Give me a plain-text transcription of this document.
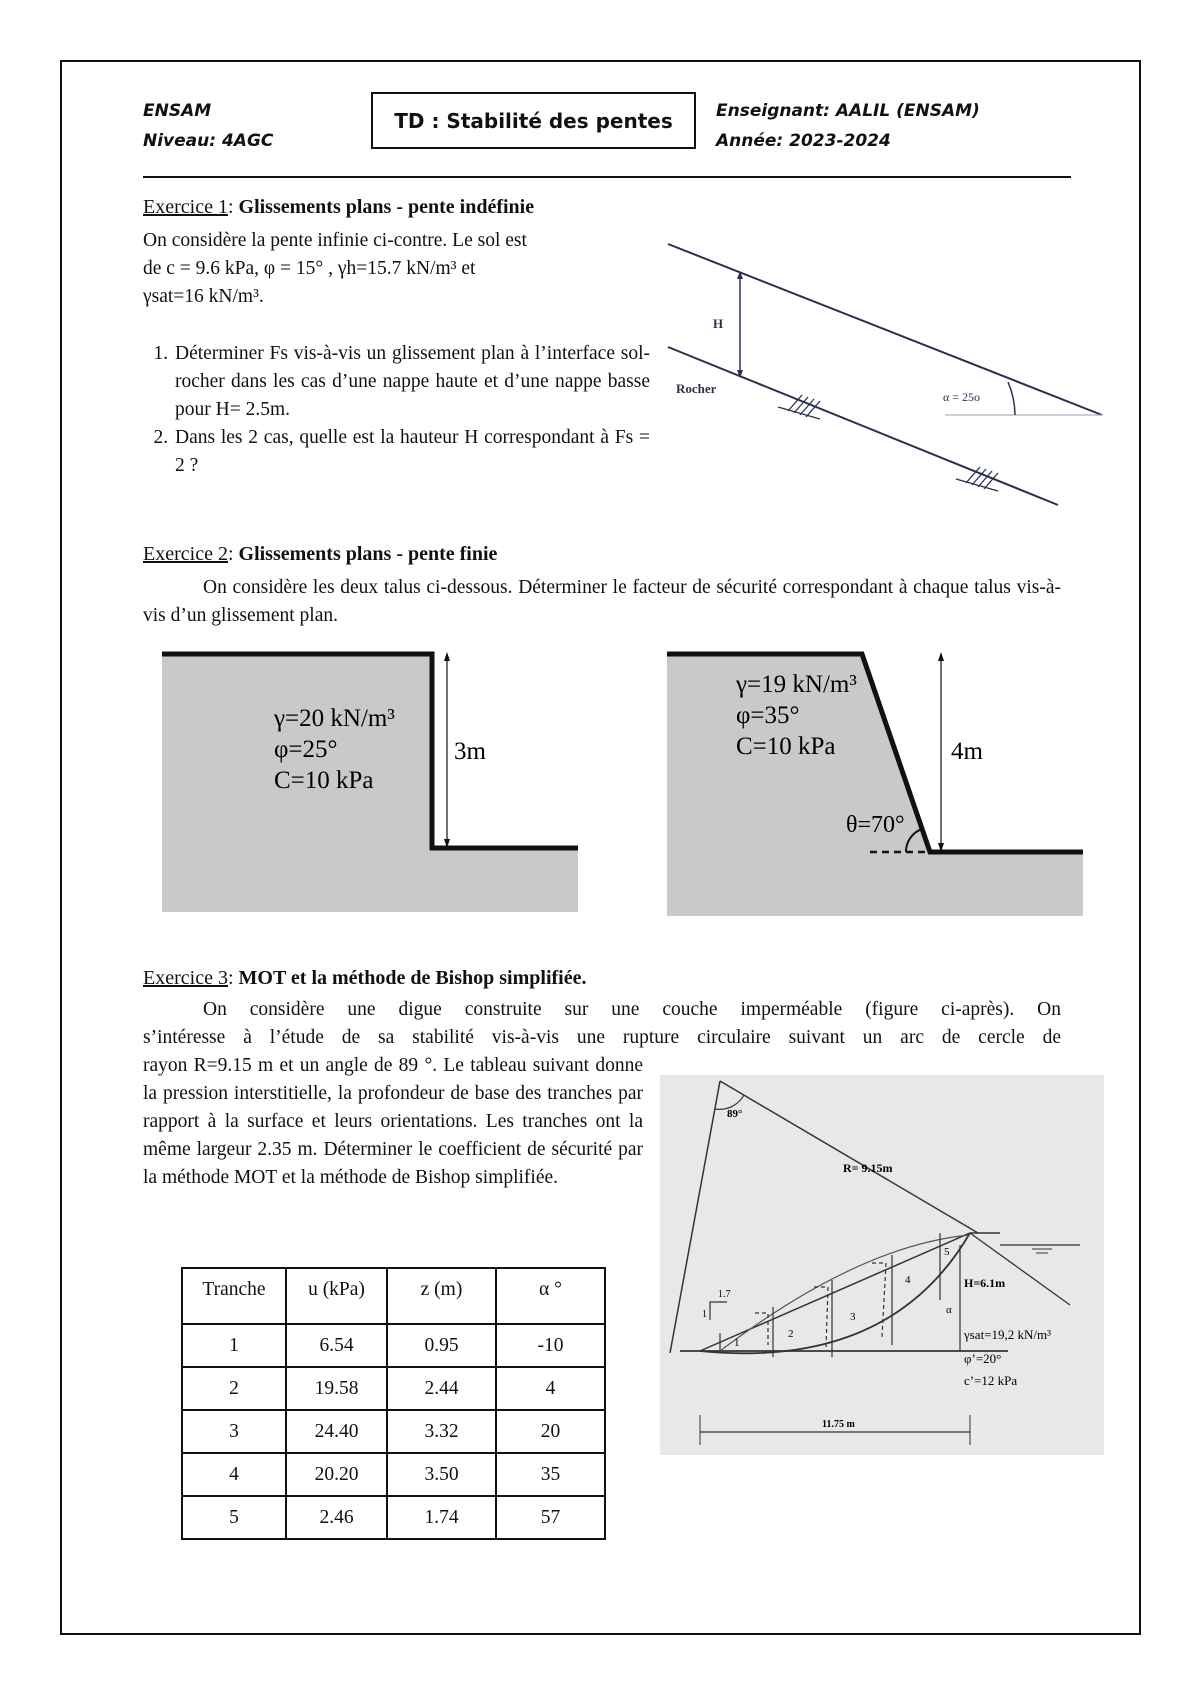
ENSAM
Niveau: 4AGC
TD : Stabilité des pentes	Enseignant: AALIL (ENSAM)
Année: 2023-2024
Exercice 1: Glissements plans - pente indéfinie
On considère la pente infinie ci-contre. Le sol est
de c = 9.6 kPa, φ = 15° , γh=15.7 kN/m³ et
γsat=16 kN/m³.
1. Déterminer Fs vis-à-vis un glissement plan à l’interface sol-rocher dans les cas d’une nappe haute et d’une nappe basse pour H= 2.5m.
2. Dans les 2 cas, quelle est la hauteur H correspondant à Fs = 2 ?
H
Rocher
α = 25o
Exercice 2: Glissements plans - pente finie
On considère les deux talus ci-dessous. Déterminer le facteur de sécurité correspondant à chaque talus vis-à-vis d’un glissement plan.
γ=20 kN/m³
φ=25°
C=10 kPa
3m
γ=19 kN/m³
φ=35°
C=10 kPa	4m
θ=70°
Exercice 3: MOT et la méthode de Bishop simplifiée.
On considère une digue construite sur une couche imperméable (figure ci-après). On
s’intéresse à l’étude de sa stabilité vis-à-vis une rupture circulaire suivant un arc de cercle de
rayon R=9.15 m et un angle de 89 °. Le tableau suivant donne la pression interstitielle, la profondeur de base des tranches par rapport à la surface et leurs orientations. Les tranches ont la même largeur 2.35 m. Déterminer le coefficient de sécurité par la méthode MOT et la méthode de Bishop simplifiée.
Tranche	u (kPa)	z (m)	α °
1	6.54	0.95	-10
2	19.58	2.44	4
3	24.40	3.32	20
4	20.20	3.50	35
5	2.46	1.74	57
89°
R= 9.15m
1
2
3
4
5
1.7
1
H=6.1m
α
γsat=19,2 kN/m³
φ’=20°
c’=12 kPa
11.75 m
